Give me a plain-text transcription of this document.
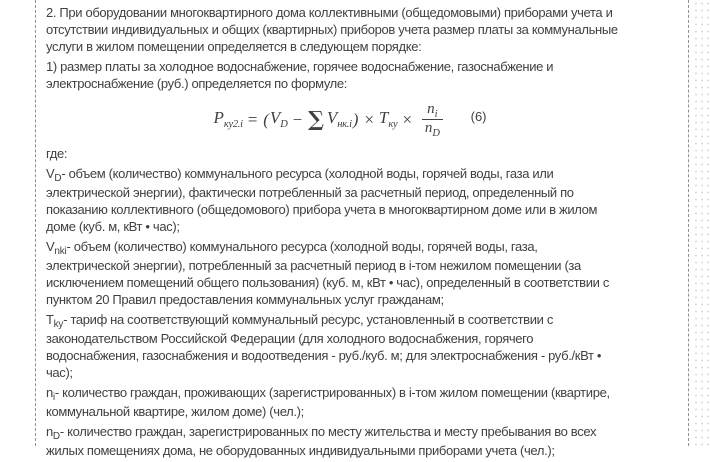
2. При оборудовании многоквартирного дома коллективными (общедомовыми) приборами учета и
отсутствии индивидуальных и общих (квартирных) приборов учета размер платы за коммунальные
услуги в жилом помещении определяется в следующем порядке:
1) размер платы за холодное водоснабжение, горячее водоснабжение, газоснабжение и
электроснабжение (руб.) определяется по формуле:
$P_{ку2.i}$ = ( $V_D$ − ∑ $V_{нк.i}$ ) × $T_{ку} \times \frac{n_i}{n_D} (6)$
где:
$V_D-$ объем (количество) коммунального ресурса (холодной воды, горячей воды, газа или
электрической энергии), фактически потребленный за расчетный период, определенный по
показанию коллективного (общедомового) прибора учета в многоквартирном доме или в жилом
доме (куб. м, кВт • час);
$V_{nki}-$ объем (количество) коммунального ресурса (холодной воды, горячей воды, газа,
электрической энергии), потребленный за расчетный период в i-том нежилом помещении (за
исключением помещений общего пользования) (куб. м, кВт • час), определенный в соответствии с
пунктом 20 Правил предоставления коммунальных услуг гражданам;
$T_{ky}-$ тариф на соответствующий коммунальный ресурс, установленный в соответствии с
законодательством Российской Федерации (для холодного водоснабжения, горячего
водоснабжения, газоснабжения и водоотведения - руб./куб. м; для электроснабжения - руб./кВт •
час);
$n_i-$ количество граждан, проживающих (зарегистрированных) в i-том жилом помещении (квартире,
коммунальной квартире, жилом доме) (чел.);
$n_D-$ количество граждан, зарегистрированных по месту жительства и месту пребывания во всех
жилых помещениях дома, не оборудованных индивидуальными приборами учета (чел.);
